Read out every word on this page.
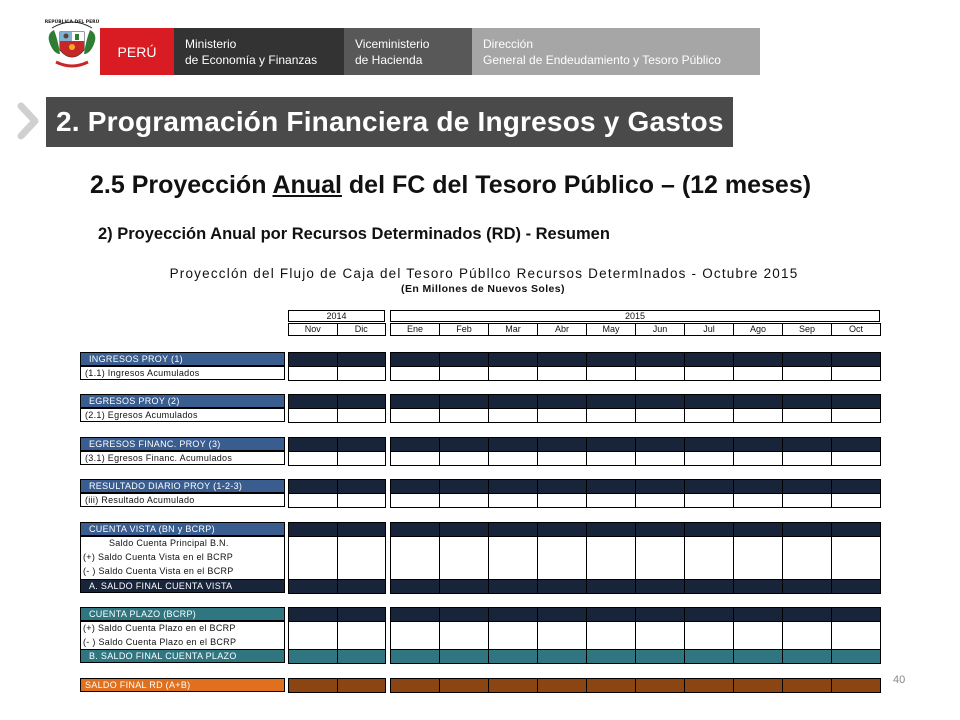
REPÚBLICA DEL PERÚ
PERÚ	Ministerio
de Economía y Finanzas
Viceministerio
de Hacienda
Dirección
General de Endeudamiento y Tesoro Público
2. Programación Financiera de Ingresos y Gastos
2.5 Proyección Anual del FC del Tesoro Público – (12 meses)
2) Proyección Anual por Recursos Determinados (RD) - Resumen
Proyecclón del Flujo de Caja del Tesoro Públlco Recursos Determlnados - Octubre 2015
(En Millones de Nuevos Soles)
2014	2015
Nov	Dic	Ene	Feb	Mar	Abr	May	Jun	Jul	Ago	Sep	Oct
INGRESOS PROY (1)
(1.1) Ingresos Acumulados
EGRESOS PROY (2)
(2.1) Egresos Acumulados
EGRESOS FINANC. PROY (3)
(3.1) Egresos Financ. Acumulados
RESULTADO DIARIO PROY (1-2-3)
(iii) Resultado Acumulado
CUENTA VISTA (BN y BCRP)
Saldo Cuenta Principal B.N.
(+) Saldo Cuenta Vista en el BCRP
(- ) Saldo Cuenta Vista en el BCRP
A. SALDO FINAL CUENTA VISTA
CUENTA PLAZO (BCRP)
(+) Saldo Cuenta Plazo en el BCRP
(- ) Saldo Cuenta Plazo en el BCRP
B. SALDO FINAL CUENTA PLAZO
SALDO FINAL RD (A+B)	40
